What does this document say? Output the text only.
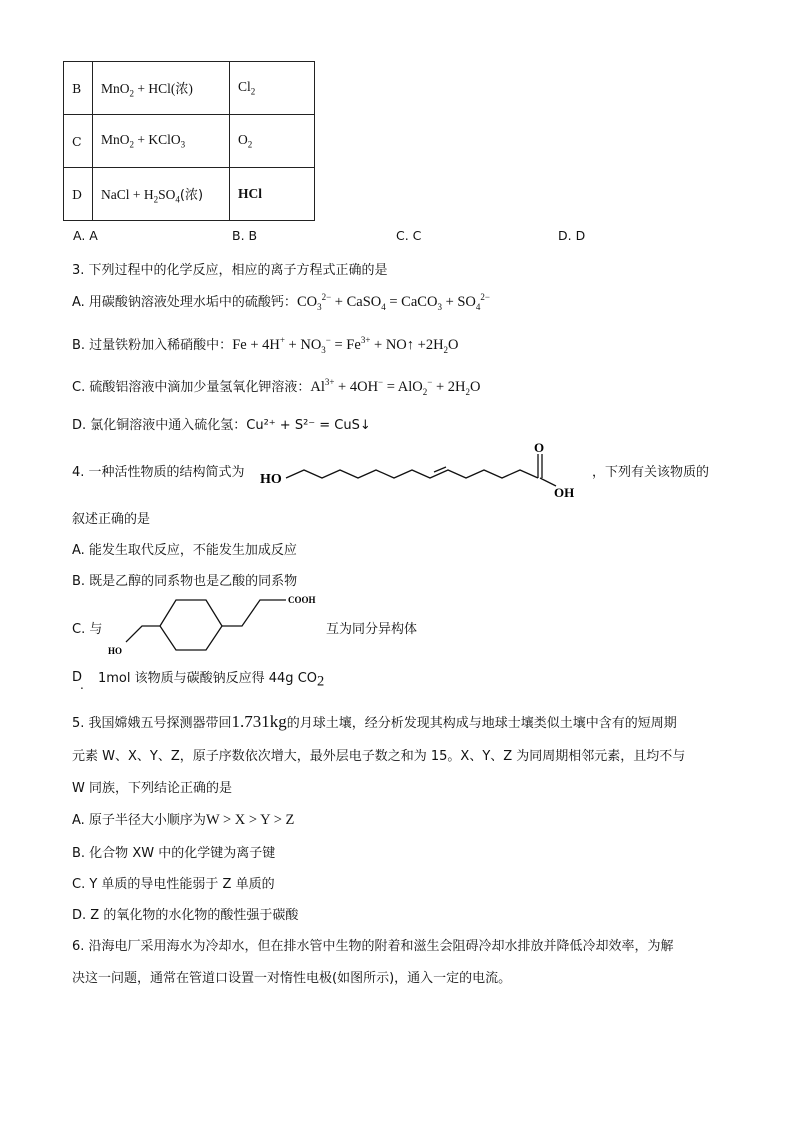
B	MnO$_2$ + HCl(浓)	$Cl_2$
C	MnO$_2$ + KClO$_3$	$O_2$
D	NaCl + $H_2SO_4$(浓)	HCl
A. A	B. B	C. C	D. D
3. 下列过程中的化学反应，相应的离子方程式正确的是
A. 用碳酸钠溶液处理水垢中的硫酸钙：$CO_3^{2-}$ + CaSO$_4$ = CaCO$_3$ + $SO_4^{2-}$
B. 过量铁粉加入稀硝酸中：$Fe + 4H^+ + NO_3^- = Fe^{3+}$ + NO↑ $+2H_2O$
C. 硫酸铝溶液中滴加少量氢氧化钾溶液：$Al^{3+} + 4OH^- = AlO_2^- + 2H_2O$
D. 氯化铜溶液中通入硫化氢：Cu²⁺ + S²⁻ = CuS↓
4. 一种活性物质的结构简式为 HO
O
OH
，下列有关该物质的
叙述正确的是
A. 能发生取代反应，不能发生加成反应
B. 既是乙醇的同系物也是乙酸的同系物
C. 与
HO
COOH
互为同分异构体
D
. 1mol 该物质与碳酸钠反应得 44g $CO_2$
5. 我国嫦娥五号探测器带回1.731kg的月球土壤，经分析发现其构成与地球士壤类似土壤中含有的短周期
元素 W、X、Y、Z，原子序数依次增大，最外层电子数之和为 15。X、Y、Z 为同周期相邻元素，且均不与
W 同族，下列结论正确的是
A. 原子半径大小顺序为W > X > Y > Z
B. 化合物 XW 中的化学键为离子键
C. Y 单质的导电性能弱于 Z 单质的
D. Z 的氧化物的水化物的酸性强于碳酸
6. 沿海电厂采用海水为冷却水，但在排水管中生物的附着和滋生会阻碍冷却水排放并降低冷却效率，为解
决这一问题，通常在管道口设置一对惰性电极(如图所示)，通入一定的电流。
